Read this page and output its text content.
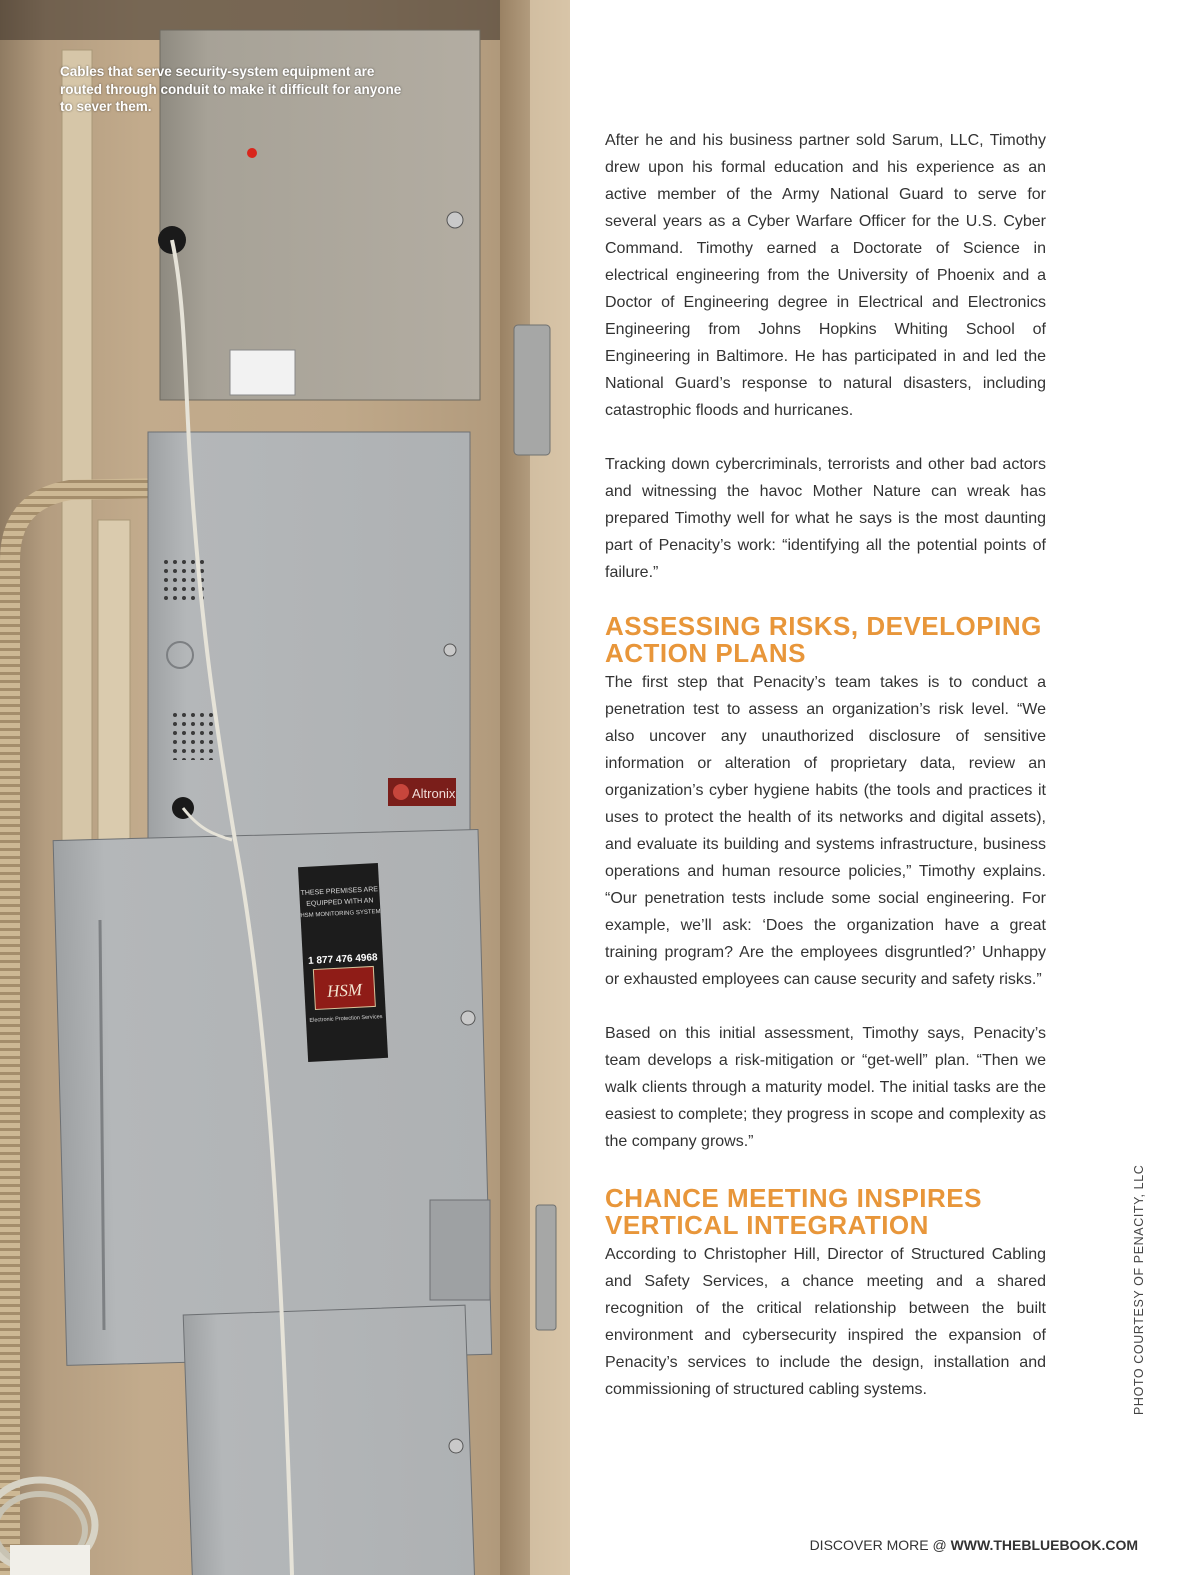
Altronix
THESE PREMISES ARE
EQUIPPED WITH AN
HSM MONITORING SYSTEM
1 877 476 4968
HSM
Electronic Protection Services
Cables that serve security-system equipment are routed through conduit to make it difficult for anyone to sever them.

After he and his business partner sold Sarum, LLC, Timothy drew upon his formal education and his experience as an active member of the Army National Guard to serve for several years as a Cyber Warfare Officer for the U.S. Cyber Command. Timothy earned a Doctorate of Science in electrical engineering from the University of Phoenix and a Doctor of Engineering degree in Electrical and Electronics Engineering from Johns Hopkins Whiting School of Engineering in Baltimore. He has participated in and led the National Guard’s response to natural disasters, including catastrophic floods and hurricanes.

Tracking down cybercriminals, terrorists and other bad actors and witnessing the havoc Mother Nature can wreak has prepared Timothy well for what he says is the most daunting part of Penacity’s work: “identifying all the potential points of failure.”

ASSESSING RISKS, DEVELOPING ACTION PLANS

The first step that Penacity’s team takes is to conduct a penetration test to assess an organization’s risk level. “We also uncover any unauthorized disclosure of sensitive information or alteration of proprietary data, review an organization’s cyber hygiene habits (the tools and practices it uses to protect the health of its networks and digital assets), and evaluate its building and systems infrastructure, business operations and human resource policies,” Timothy explains. “Our penetration tests include some social engineering. For example, we’ll ask: ‘Does the organization have a great training program? Are the employees disgruntled?’ Unhappy or exhausted employees can cause security and safety risks.”

Based on this initial assessment, Timothy says, Penacity’s team develops a risk-mitigation or “get-well” plan. “Then we walk clients through a maturity model. The initial tasks are the easiest to complete; they progress in scope and complexity as the company grows.”

CHANCE MEETING INSPIRES VERTICAL INTEGRATION

According to Christopher Hill, Director of Structured Cabling and Safety Services, a chance meeting and a shared recognition of the critical relationship between the built environment and cybersecurity inspired the expansion of Penacity’s services to include the design, installation and commissioning of structured cabling systems.	PHOTO COURTESY OF PENACITY, LLC
DISCOVER MORE @ WWW.THEBLUEBOOK.COM
